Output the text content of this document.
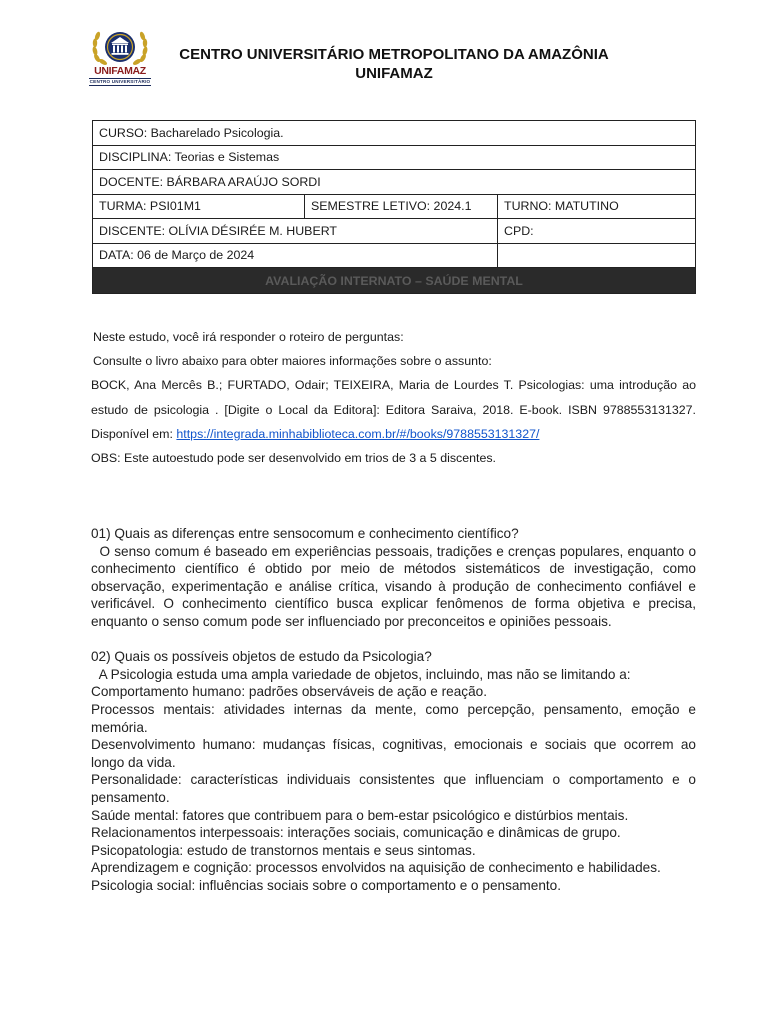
UNIFAMAZ
CENTRO UNIVERSITÁRIO
CENTRO UNIVERSITÁRIO METROPOLITANO DA AMAZÔNIA
UNIFAMAZ
CURSO: Bacharelado Psicologia.		
DISCIPLINA: Teorias e Sistemas		
DOCENTE: BÁRBARA ARAÚJO SORDI		
TURMA: PSI01M1	SEMESTRE LETIVO: 2024.1	TURNO: MATUTINO
DISCENTE: OLÍVIA DÉSIRÉE M. HUBERT		CPD:
DATA: 06 de Março de 2024		
AVALIAÇÃO INTERNATO – SAÚDE MENTAL		

Neste estudo, você irá responder o roteiro de perguntas:

Consulte o livro abaixo para obter maiores informações sobre o assunto:

BOCK, Ana Mercês B.; FURTADO, Odair; TEIXEIRA, Maria de Lourdes T. Psicologias: uma introdução ao

estudo de psicologia . [Digite o Local da Editora]: Editora Saraiva, 2018. E-book. ISBN 9788553131327.

Disponível em: https://integrada.minhabiblioteca.com.br/#/books/9788553131327/

OBS: Este autoestudo pode ser desenvolvido em trios de 3 a 5 discentes.

01) Quais as diferenças entre sensocomum e conhecimento científico?

O senso comum é baseado em experiências pessoais, tradições e crenças populares, enquanto o conhecimento científico é obtido por meio de métodos sistemáticos de investigação, como observação, experimentação e análise crítica, visando à produção de conhecimento confiável e verificável. O conhecimento científico busca explicar fenômenos de forma objetiva e precisa, enquanto o senso comum pode ser influenciado por preconceitos e opiniões pessoais.

02) Quais os possíveis objetos de estudo da Psicologia?

A Psicologia estuda uma ampla variedade de objetos, incluindo, mas não se limitando a:

Comportamento humano: padrões observáveis de ação e reação.

Processos mentais: atividades internas da mente, como percepção, pensamento, emoção e memória.

Desenvolvimento humano: mudanças físicas, cognitivas, emocionais e sociais que ocorrem ao longo da vida.

Personalidade: características individuais consistentes que influenciam o comportamento e o pensamento.

Saúde mental: fatores que contribuem para o bem-estar psicológico e distúrbios mentais.

Relacionamentos interpessoais: interações sociais, comunicação e dinâmicas de grupo.

Psicopatologia: estudo de transtornos mentais e seus sintomas.

Aprendizagem e cognição: processos envolvidos na aquisição de conhecimento e habilidades.

Psicologia social: influências sociais sobre o comportamento e o pensamento.
